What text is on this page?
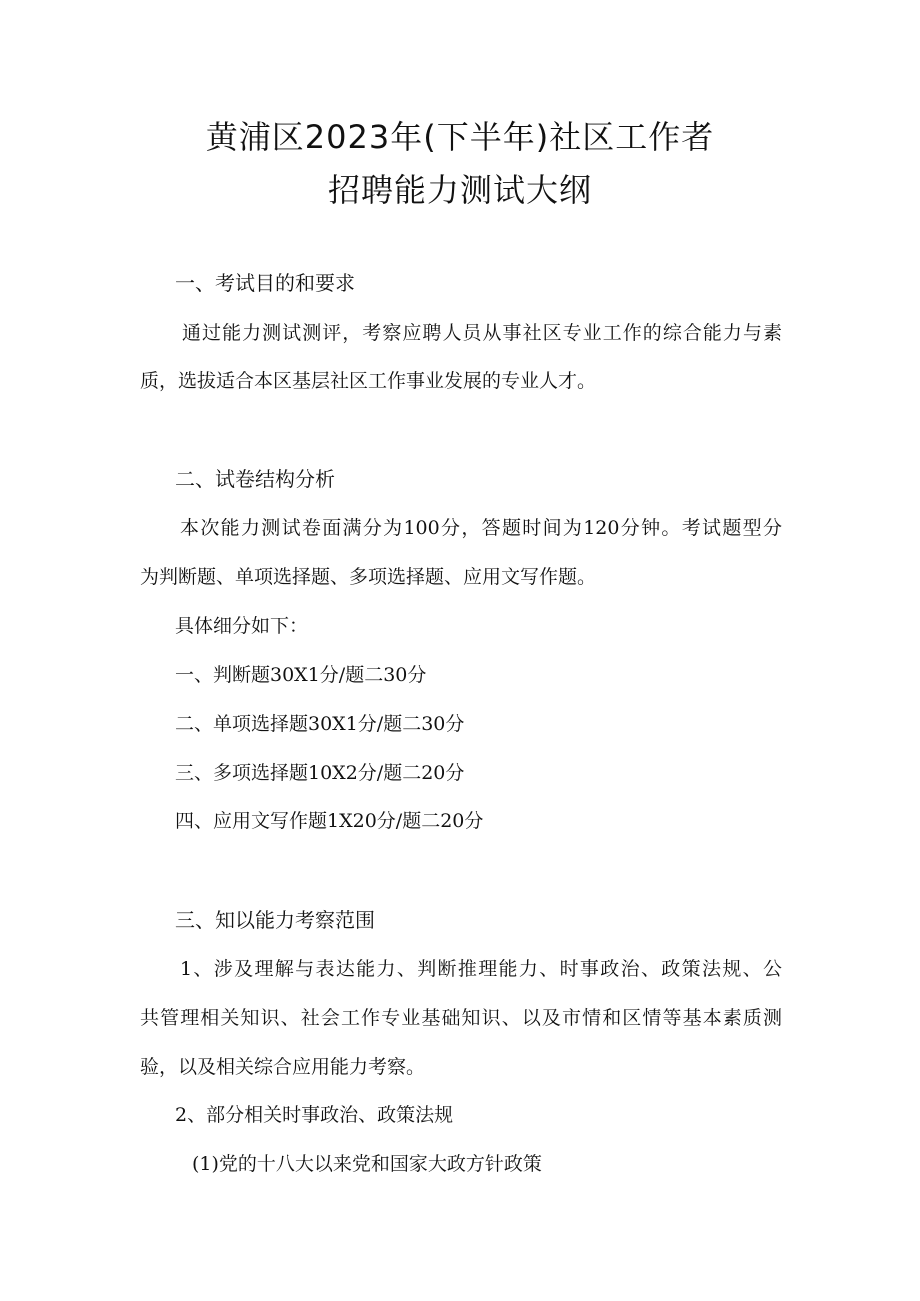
黄浦区2023年(下半年)社区工作者
招聘能力测试大纲
一、考试目的和要求
通过能力测试测评，考察应聘人员从事社区专业工作的综合能力与素
质，选拔适合本区基层社区工作事业发展的专业人才。
二、试卷结构分析
本次能力测试卷面满分为100分，答题时间为120分钟。考试题型分
为判断题、单项选择题、多项选择题、应用文写作题。
具体细分如下：
一、判断题30X1分/题二30分
二、单项选择题30X1分/题二30分
三、多项选择题10X2分/题二20分
四、应用文写作题1X20分/题二20分
三、知以能力考察范围
1、涉及理解与表达能力、判断推理能力、时事政治、政策法规、公
共管理相关知识、社会工作专业基础知识、以及市情和区情等基本素质测
验，以及相关综合应用能力考察。
2、部分相关时事政治、政策法规
(1)党的十八大以来党和国家大政方针政策
